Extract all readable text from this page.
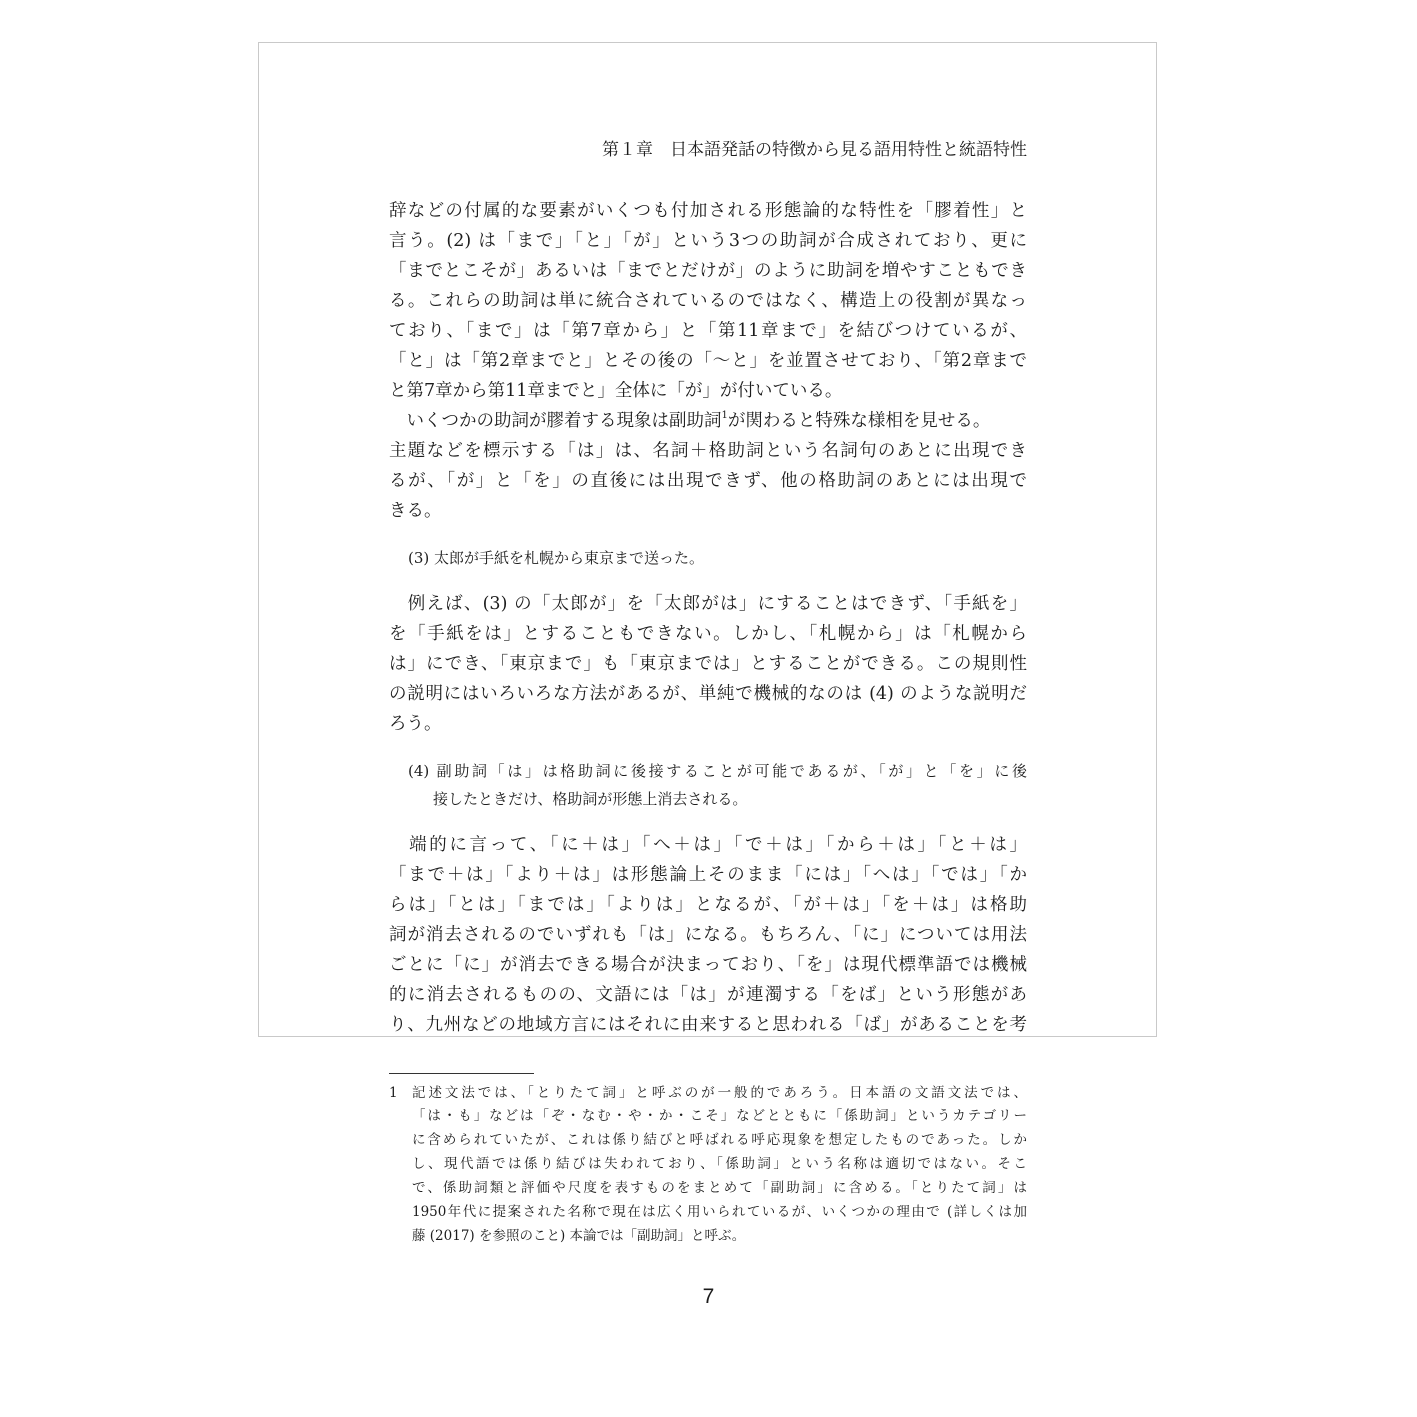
第１章　日本語発話の特徴から見る語用特性と統語特性
辞などの付属的な要素がいくつも付加される形態論的な特性を「膠着性」と
言う。(2) は「まで」「と」「が」という3つの助詞が合成されており、更に
「までとこそが」あるいは「までとだけが」のように助詞を増やすこともでき
る。これらの助詞は単に統合されているのではなく、構造上の役割が異なっ
ており、「まで」は「第7章から」と「第11章まで」を結びつけているが、
「と」は「第2章までと」とその後の「～と」を並置させており、「第2章まで
と第7章から第11章までと」全体に「が」が付いている。
　いくつかの助詞が膠着する現象は副助詞$^1$が関わると特殊な様相を見せる。
主題などを標示する「は」は、名詞＋格助詞という名詞句のあとに出現でき
るが、「が」と「を」の直後には出現できず、他の格助詞のあとには出現で
きる。
(3) 太郎が手紙を札幌から東京まで送った。
　例えば、(3) の「太郎が」を「太郎がは」にすることはできず、「手紙を」
を「手紙をは」とすることもできない。しかし、「札幌から」は「札幌から
は」にでき、「東京まで」も「東京までは」とすることができる。この規則性
の説明にはいろいろな方法があるが、単純で機械的なのは (4) のような説明だ
ろう。
(4) 副助詞「は」は格助詞に後接することが可能であるが、「が」と「を」に後
接したときだけ、格助詞が形態上消去される。
　端的に言って、「に＋は」「へ＋は」「で＋は」「から＋は」「と＋は」
「まで＋は」「より＋は」は形態論上そのまま「には」「へは」「では」「か
らは」「とは」「までは」「よりは」となるが、「が＋は」「を＋は」は格助
詞が消去されるのでいずれも「は」になる。もちろん、「に」については用法
ごとに「に」が消去できる場合が決まっており、「を」は現代標準語では機械
的に消去されるものの、文語には「は」が連濁する「をば」という形態があ
り、九州などの地域方言にはそれに由来すると思われる「ば」があることを考
1 記述文法では、「とりたて詞」と呼ぶのが一般的であろう。日本語の文語文法では、
「は・も」などは「ぞ・なむ・や・か・こそ」などとともに「係助詞」というカテゴリー
に含められていたが、これは係り結びと呼ばれる呼応現象を想定したものであった。しか
し、現代語では係り結びは失われており、「係助詞」という名称は適切ではない。そこ
で、係助詞類と評価や尺度を表すものをまとめて「副助詞」に含める。「とりたて詞」は
1950年代に提案された名称で現在は広く用いられているが、いくつかの理由で (詳しくは加
藤 (2017) を参照のこと) 本論では「副助詞」と呼ぶ。
7
